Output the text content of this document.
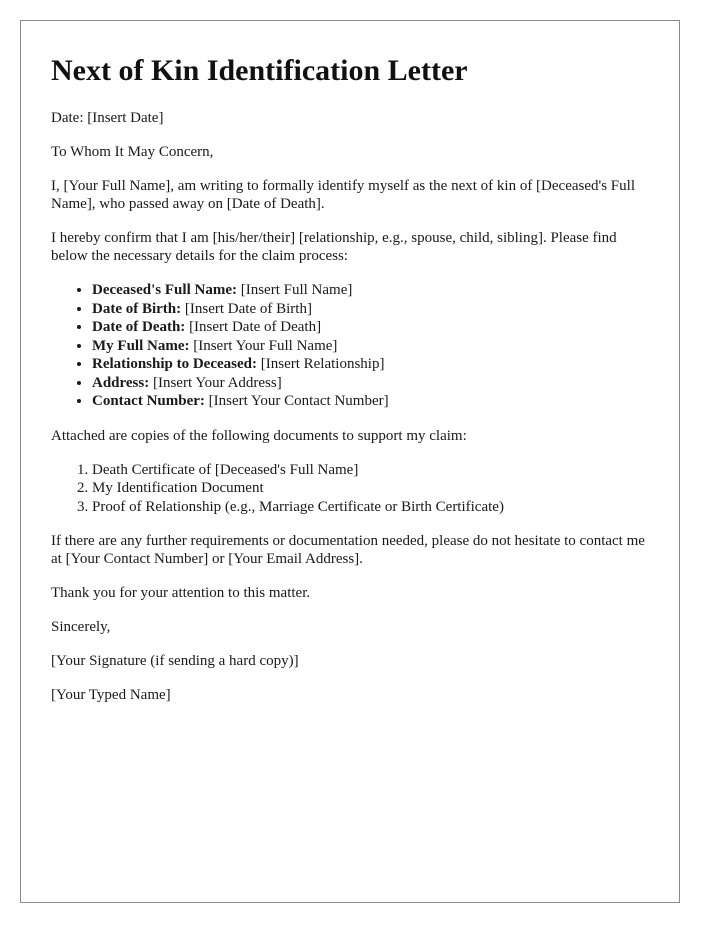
Next of Kin Identification Letter

Date: [Insert Date]

To Whom It May Concern,

I, [Your Full Name], am writing to formally identify myself as the next of kin of [Deceased's Full Name], who passed away on [Date of Death].

I hereby confirm that I am [his/her/their] [relationship, e.g., spouse, child, sibling]. Please find below the necessary details for the claim process:

• Deceased's Full Name: [Insert Full Name]
• Date of Birth: [Insert Date of Birth]
• Date of Death: [Insert Date of Death]
• My Full Name: [Insert Your Full Name]
• Relationship to Deceased: [Insert Relationship]
• Address: [Insert Your Address]
• Contact Number: [Insert Your Contact Number]

Attached are copies of the following documents to support my claim:

1. Death Certificate of [Deceased's Full Name]
2. My Identification Document
3. Proof of Relationship (e.g., Marriage Certificate or Birth Certificate)

If there are any further requirements or documentation needed, please do not hesitate to contact me at [Your Contact Number] or [Your Email Address].

Thank you for your attention to this matter.

Sincerely,

[Your Signature (if sending a hard copy)]

[Your Typed Name]
